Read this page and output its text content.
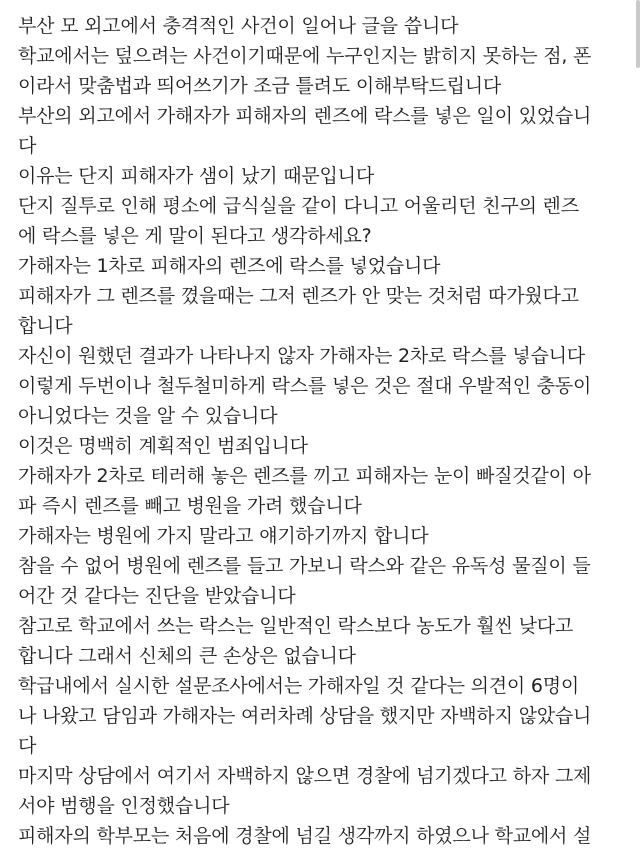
부산 모 외고에서 충격적인 사건이 일어나 글을 씁니다
학교에서는 덮으려는 사건이기때문에 누구인지는 밝히지 못하는 점, 폰
이라서 맞춤법과 띄어쓰기가 조금 틀려도 이해부탁드립니다
부산의 외고에서 가해자가 피해자의 렌즈에 락스를 넣은 일이 있었습니
다
이유는 단지 피해자가 샘이 났기 때문입니다
단지 질투로 인해 평소에 급식실을 같이 다니고 어울리던 친구의 렌즈
에 락스를 넣은 게 말이 된다고 생각하세요?
가해자는 1차로 피해자의 렌즈에 락스를 넣었습니다
피해자가 그 렌즈를 꼈을때는 그저 렌즈가 안 맞는 것처럼 따가웠다고
합니다
자신이 원했던 결과가 나타나지 않자 가해자는 2차로 락스를 넣습니다
이렇게 두번이나 철두철미하게 락스를 넣은 것은 절대 우발적인 충동이
아니었다는 것을 알 수 있습니다
이것은 명백히 계획적인 범죄입니다
가해자가 2차로 테러해 놓은 렌즈를 끼고 피해자는 눈이 빠질것같이 아
파 즉시 렌즈를 빼고 병원을 가려 했습니다
가해자는 병원에 가지 말라고 얘기하기까지 합니다
참을 수 없어 병원에 렌즈를 들고 가보니 락스와 같은 유독성 물질이 들
어간 것 같다는 진단을 받았습니다
참고로 학교에서 쓰는 락스는 일반적인 락스보다 농도가 훨씬 낮다고
합니다 그래서 신체의 큰 손상은 없습니다
학급내에서 실시한 설문조사에서는 가해자일 것 같다는 의견이 6명이
나 나왔고 담임과 가해자는 여러차례 상담을 했지만 자백하지 않았습니
다
마지막 상담에서 여기서 자백하지 않으면 경찰에 넘기겠다고 하자 그제
서야 범행을 인정했습니다
피해자의 학부모는 처음에 경찰에 넘길 생각까지 하였으나 학교에서 설
